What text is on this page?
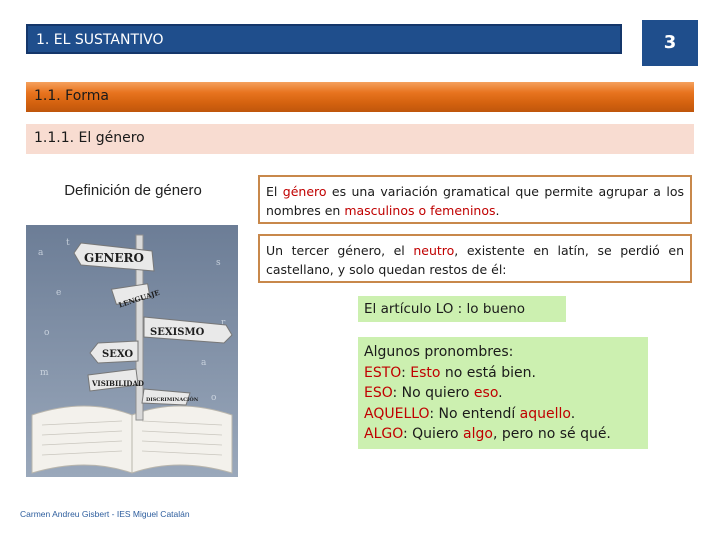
1. EL SUSTANTIVO	3
1.1. Forma
1.1.1. El género
Definición de género
a
e
o
s
a
r
m
o
t
GENERO
LENGUAJE
SEXISMO
SEXO
VISIBILIDAD
DISCRIMINACIÓN
El género es una variación gramatical que permite agrupar a los nombres en masculinos o femeninos.
Un tercer género, el neutro, existente en latín, se perdió en castellano, y solo quedan restos de él:
El artículo LO : lo bueno
Algunos pronombres:
ESTO: Esto no está bien.
ESO: No quiero eso.
AQUELLO: No entendí aquello.
ALGO: Quiero algo, pero no sé qué.
Carmen Andreu Gisbert - IES Miguel Catalán
